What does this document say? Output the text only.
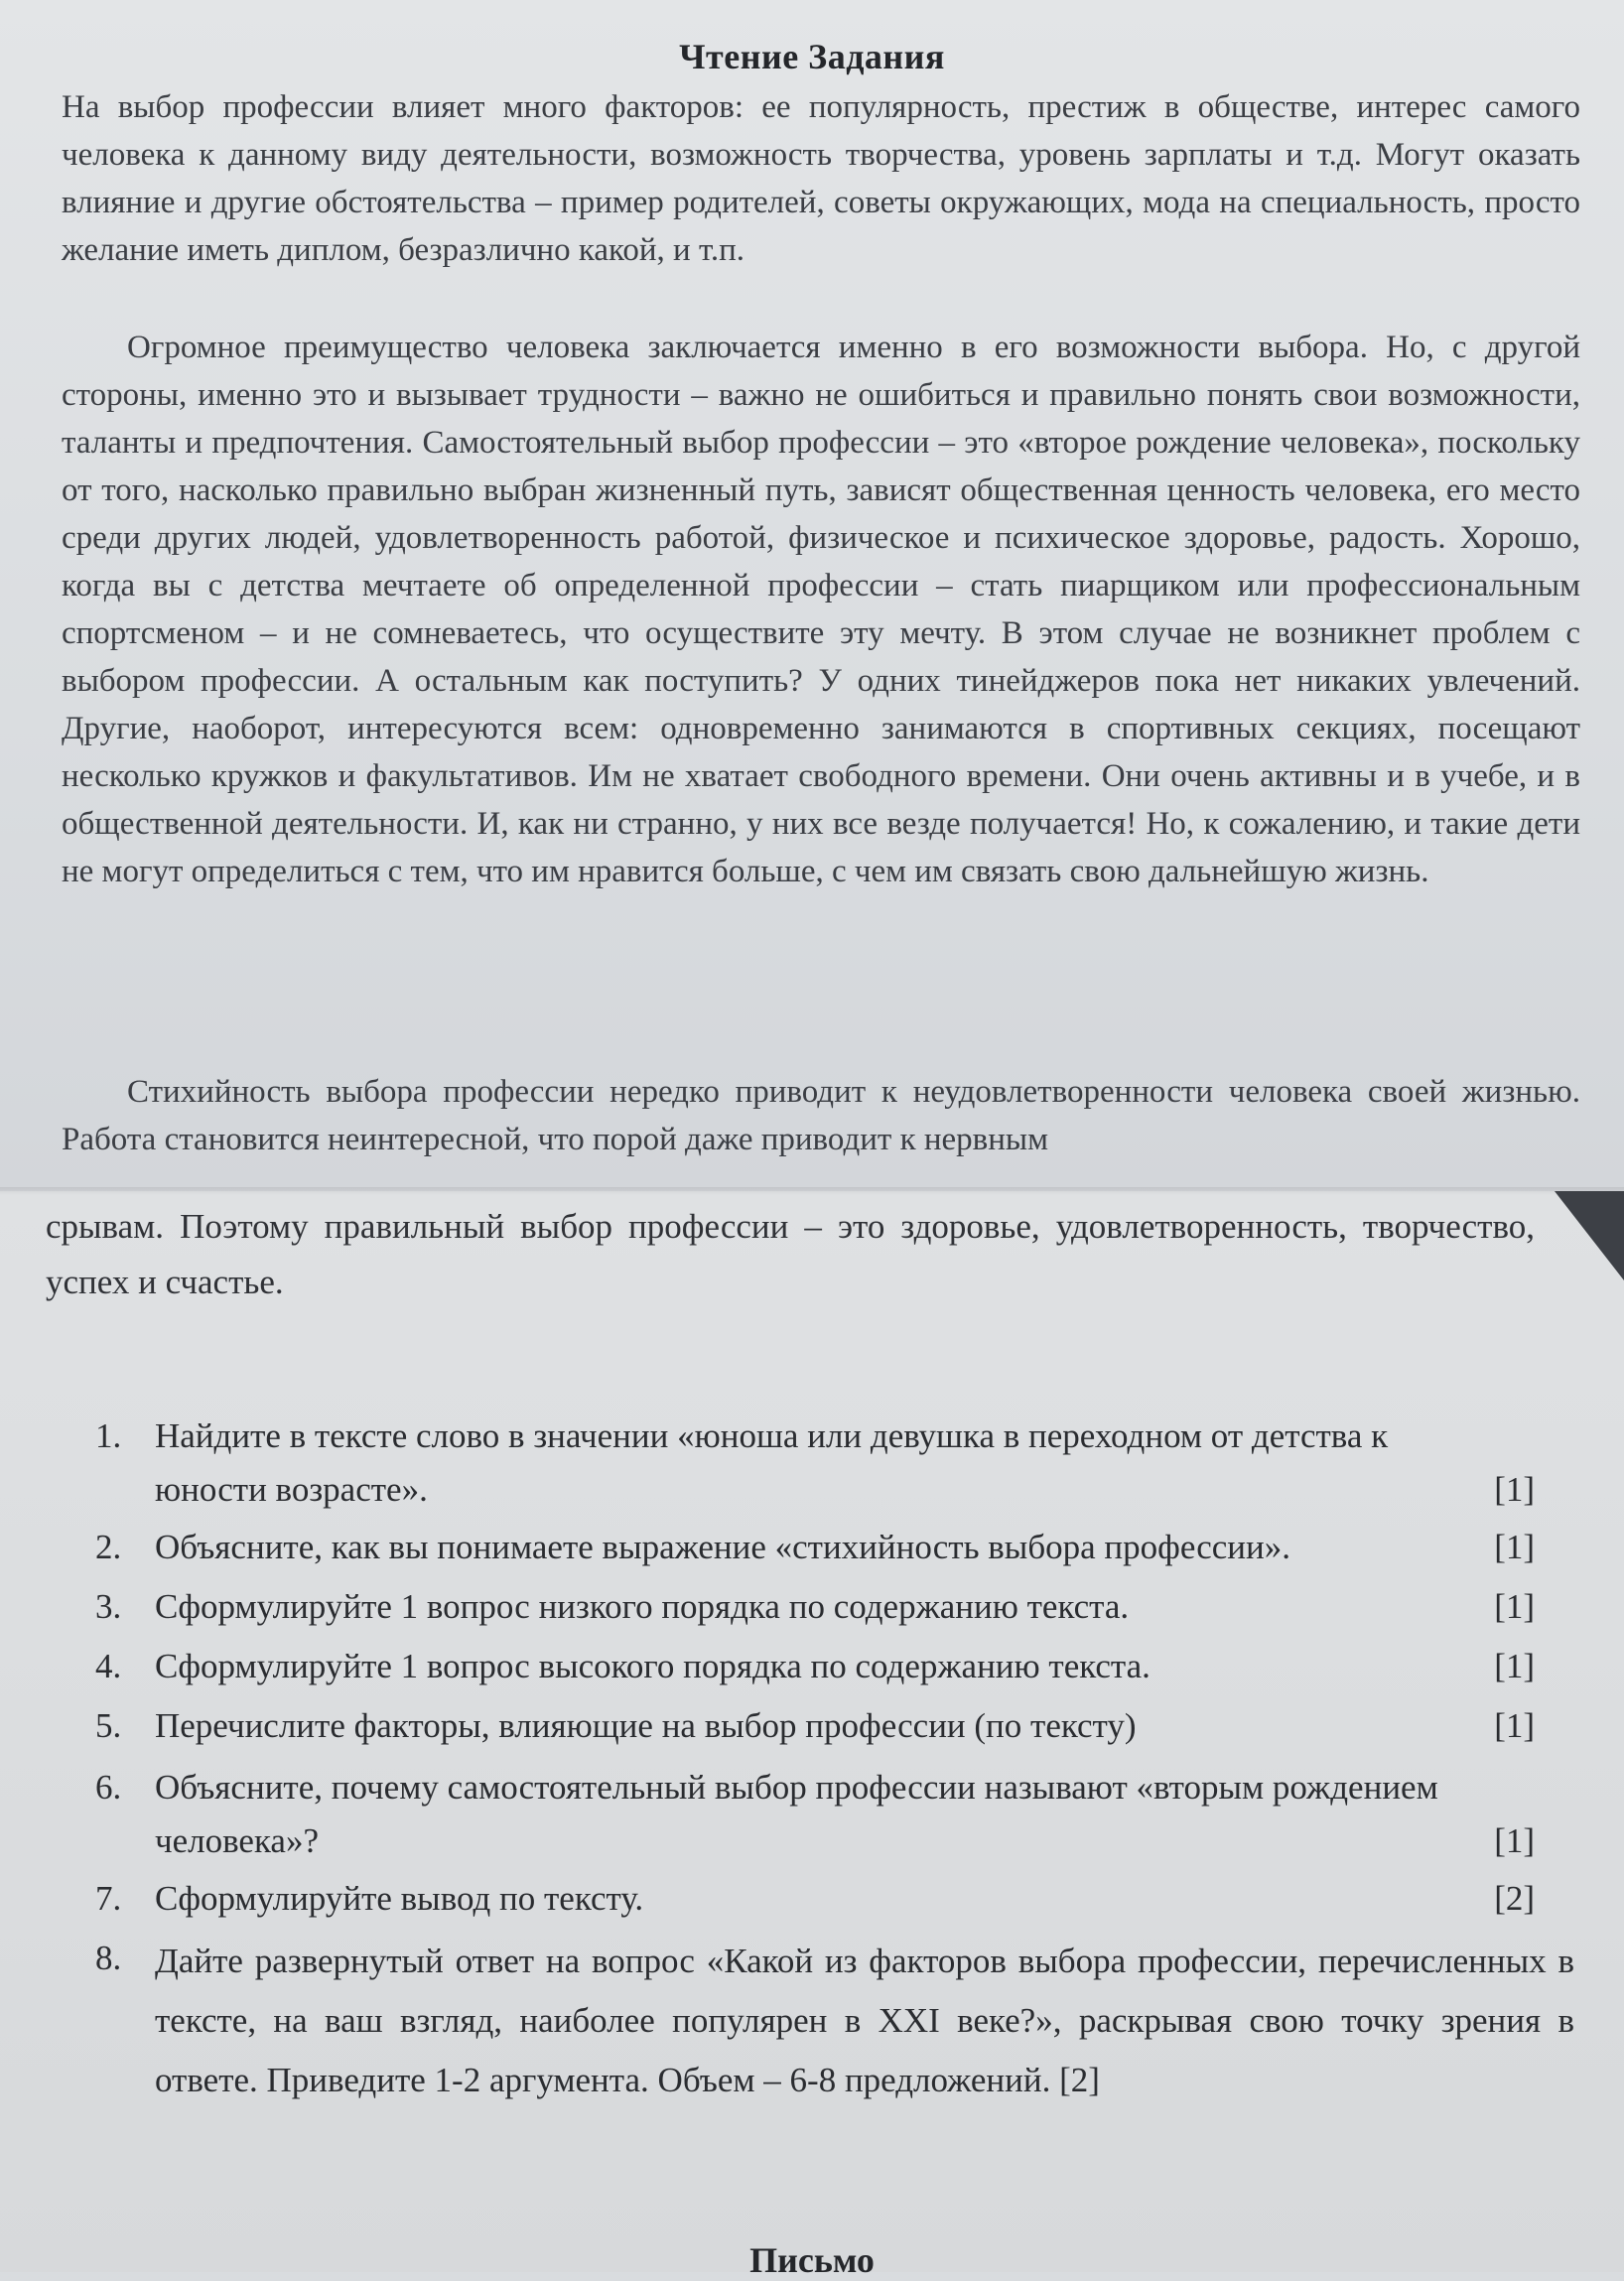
Чтение Задания
На выбор профессии влияет много факторов: ее популярность, престиж в обществе, интерес самого человека к данному виду деятельности, возможность творчества, уровень зарплаты и т.д. Могут оказать влияние и другие обстоятельства – пример родителей, советы окружающих, мода на специальность, просто желание иметь диплом, безразлично какой, и т.п.
Огромное преимущество человека заключается именно в его возможности выбора. Но, с другой стороны, именно это и вызывает трудности – важно не ошибиться и правильно понять свои возможности, таланты и предпочтения. Самостоятельный выбор профессии – это «второе рождение человека», поскольку от того, насколько правильно выбран жизненный путь, зависят общественная ценность человека, его место среди других людей, удовлетворенность работой, физическое и психическое здоровье, радость. Хорошо, когда вы с детства мечтаете об определенной профессии – стать пиарщиком или профессиональным спортсменом – и не сомневаетесь, что осуществите эту мечту. В этом случае не возникнет проблем с выбором профессии. А остальным как поступить? У одних тинейджеров пока нет никаких увлечений. Другие, наоборот, интересуются всем: одновременно занимаются в спортивных секциях, посещают несколько кружков и факультативов. Им не хватает свободного времени. Они очень активны и в учебе, и в общественной деятельности. И, как ни странно, у них все везде получается! Но, к сожалению, и такие дети не могут определиться с тем, что им нравится больше, с чем им связать свою дальнейшую жизнь.
Стихийность выбора профессии нередко приводит к неудовлетворенности человека своей жизнью. Работа становится неинтересной, что порой даже приводит к нервным
срывам. Поэтому правильный выбор профессии – это здоровье, удовлетворенность, творчество, успех и счастье.
1. Найдите в тексте слово в значении «юноша или девушка в переходном от детства к юности возрасте».	[1]
2. Объясните, как вы понимаете выражение «стихийность выбора профессии».	[1]
3. Сформулируйте 1 вопрос низкого порядка по содержанию текста.	[1]
4. Сформулируйте 1 вопрос высокого порядка по содержанию текста.	[1]
5. Перечислите факторы, влияющие на выбор профессии (по тексту)	[1]
6. Объясните, почему самостоятельный выбор профессии называют «вторым рождением человека»?	[1]
7. Сформулируйте вывод по тексту.	[2]
8. Дайте развернутый ответ на вопрос «Какой из факторов выбора профессии, перечисленных в тексте, на ваш взгляд, наиболее популярен в XXI веке?», раскрывая свою точку зрения в ответе. Приведите 1-2 аргумента. Объем – 6-8 предложений. [2]
Письмо
